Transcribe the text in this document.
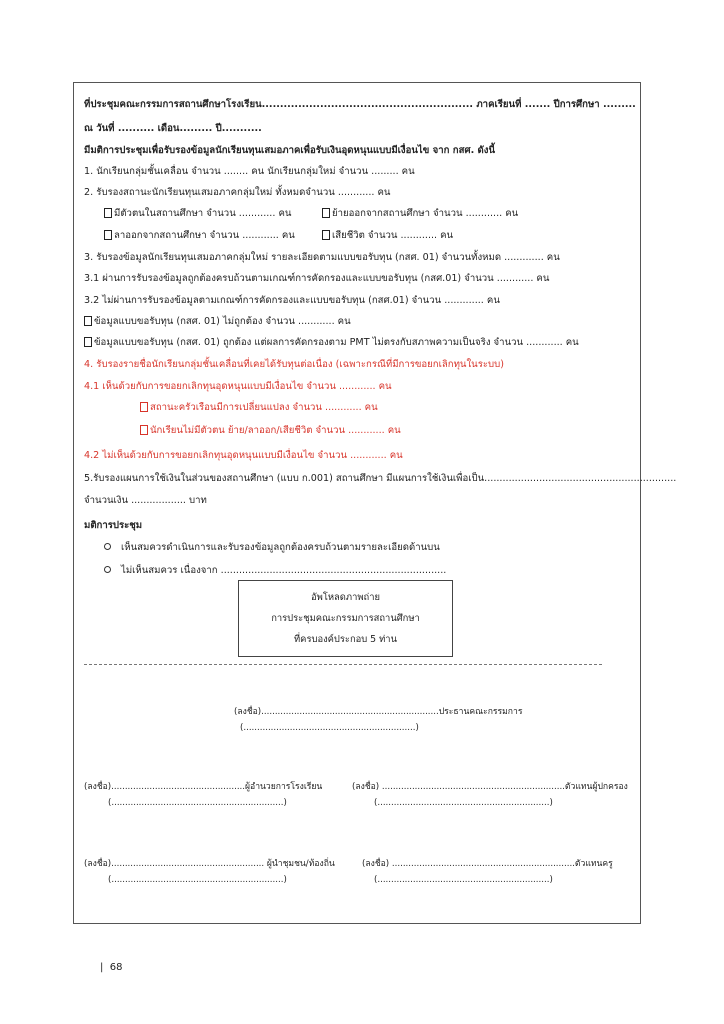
ที่ประชุมคณะกรรมการสถานศึกษาโรงเรียน.......................................................... ภาคเรียนที่ ....... ปีการศึกษา .........
ณ วันที่ .......... เดือน......... ปี...........
มีมติการประชุมเพื่อรับรองข้อมูลนักเรียนทุนเสมอภาคเพื่อรับเงินอุดหนุนแบบมีเงื่อนไข จาก กสศ. ดังนี้
1. นักเรียนกลุ่มชั้นเคลื่อน จำนวน ........ คน นักเรียนกลุ่มใหม่ จำนวน ......... คน
2. รับรองสถานะนักเรียนทุนเสมอภาคกลุ่มใหม่ ทั้งหมดจำนวน ............ คน
มีตัวตนในสถานศึกษา จำนวน ............ คน	ย้ายออกจากสถานศึกษา จำนวน ............ คน
ลาออกจากสถานศึกษา จำนวน ............ คน	เสียชีวิต จำนวน ............ คน
3. รับรองข้อมูลนักเรียนทุนเสมอภาคกลุ่มใหม่ รายละเอียดตามแบบขอรับทุน (กสศ. 01) จำนวนทั้งหมด ............. คน
3.1 ผ่านการรับรองข้อมูลถูกต้องครบถ้วนตามเกณฑ์การคัดกรองและแบบขอรับทุน (กสศ.01) จำนวน ............ คน
3.2 ไม่ผ่านการรับรองข้อมูลตามเกณฑ์การคัดกรองและแบบขอรับทุน (กสศ.01) จำนวน ............. คน
ข้อมูลแบบขอรับทุน (กสศ. 01) ไม่ถูกต้อง จำนวน ............ คน
ข้อมูลแบบขอรับทุน (กสศ. 01) ถูกต้อง แต่ผลการคัดกรองตาม PMT ไม่ตรงกับสภาพความเป็นจริง จำนวน ............ คน
4. รับรองรายชื่อนักเรียนกลุ่มชั้นเคลื่อนที่เคยได้รับทุนต่อเนื่อง (เฉพาะกรณีที่มีการขอยกเลิกทุนในระบบ)
4.1 เห็นด้วยกับการขอยกเลิกทุนอุดหนุนแบบมีเงื่อนไข จำนวน ............ คน
สถานะครัวเรือนมีการเปลี่ยนแปลง จำนวน ............ คน
นักเรียนไม่มีตัวตน ย้าย/ลาออก/เสียชีวิต จำนวน ............ คน
4.2 ไม่เห็นด้วยกับการขอยกเลิกทุนอุดหนุนแบบมีเงื่อนไข จำนวน ............ คน
5.รับรองแผนการใช้เงินในส่วนของสถานศึกษา (แบบ ก.001) สถานศึกษา มีแผนการใช้เงินเพื่อเป็น...............................................................
จำนวนเงิน .................. บาท
มติการประชุม
เห็นสมควรดำเนินการและรับรองข้อมูลถูกต้องครบถ้วนตามรายละเอียดด้านบน
ไม่เห็นสมควร เนื่องจาก ..........................................................................
อัพโหลดภาพถ่าย
การประชุมคณะกรรมการสถานศึกษา
ที่ครบองค์ประกอบ 5 ท่าน
(ลงชื่อ).................................................................ประธานคณะกรรมการ
(...............................................................)
(ลงชื่อ).................................................ผู้อำนวยการโรงเรียน
(...............................................................)
(ลงชื่อ) ...................................................................ตัวแทนผู้ปกครอง
(...............................................................)
(ลงชื่อ)........................................................ ผู้นำชุมชน/ท้องถิ่น
(...............................................................)
(ลงชื่อ) ...................................................................ตัวแทนครู
(...............................................................)
|  68
